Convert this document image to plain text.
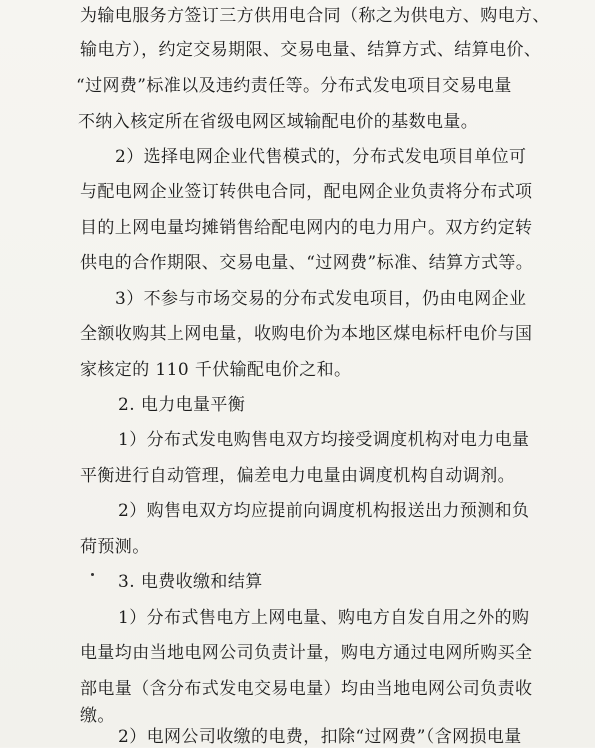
为输电服务方签订三方供用电合同（称之为供电方、购电方、
输电方），约定交易期限、交易电量、结算方式、结算电价、
“过网费”标准以及违约责任等。分布式发电项目交易电量
不纳入核定所在省级电网区域输配电价的基数电量。
2）选择电网企业代售模式的，分布式发电项目单位可
与配电网企业签订转供电合同，配电网企业负责将分布式项
目的上网电量均摊销售给配电网内的电力用户。双方约定转
供电的合作期限、交易电量、“过网费”标准、结算方式等。
3）不参与市场交易的分布式发电项目，仍由电网企业
全额收购其上网电量，收购电价为本地区煤电标杆电价与国
家核定的 110 千伏输配电价之和。
2. 电力电量平衡
1）分布式发电购售电双方均接受调度机构对电力电量
平衡进行自动管理，偏差电力电量由调度机构自动调剂。
2）购售电双方均应提前向调度机构报送出力预测和负
荷预测。
3. 电费收缴和结算
1）分布式售电方上网电量、购电方自发自用之外的购
电量均由当地电网公司负责计量，购电方通过电网所购买全
部电量（含分布式发电交易电量）均由当地电网公司负责收
缴。
2）电网公司收缴的电费，扣除“过网费”（含网损电量
